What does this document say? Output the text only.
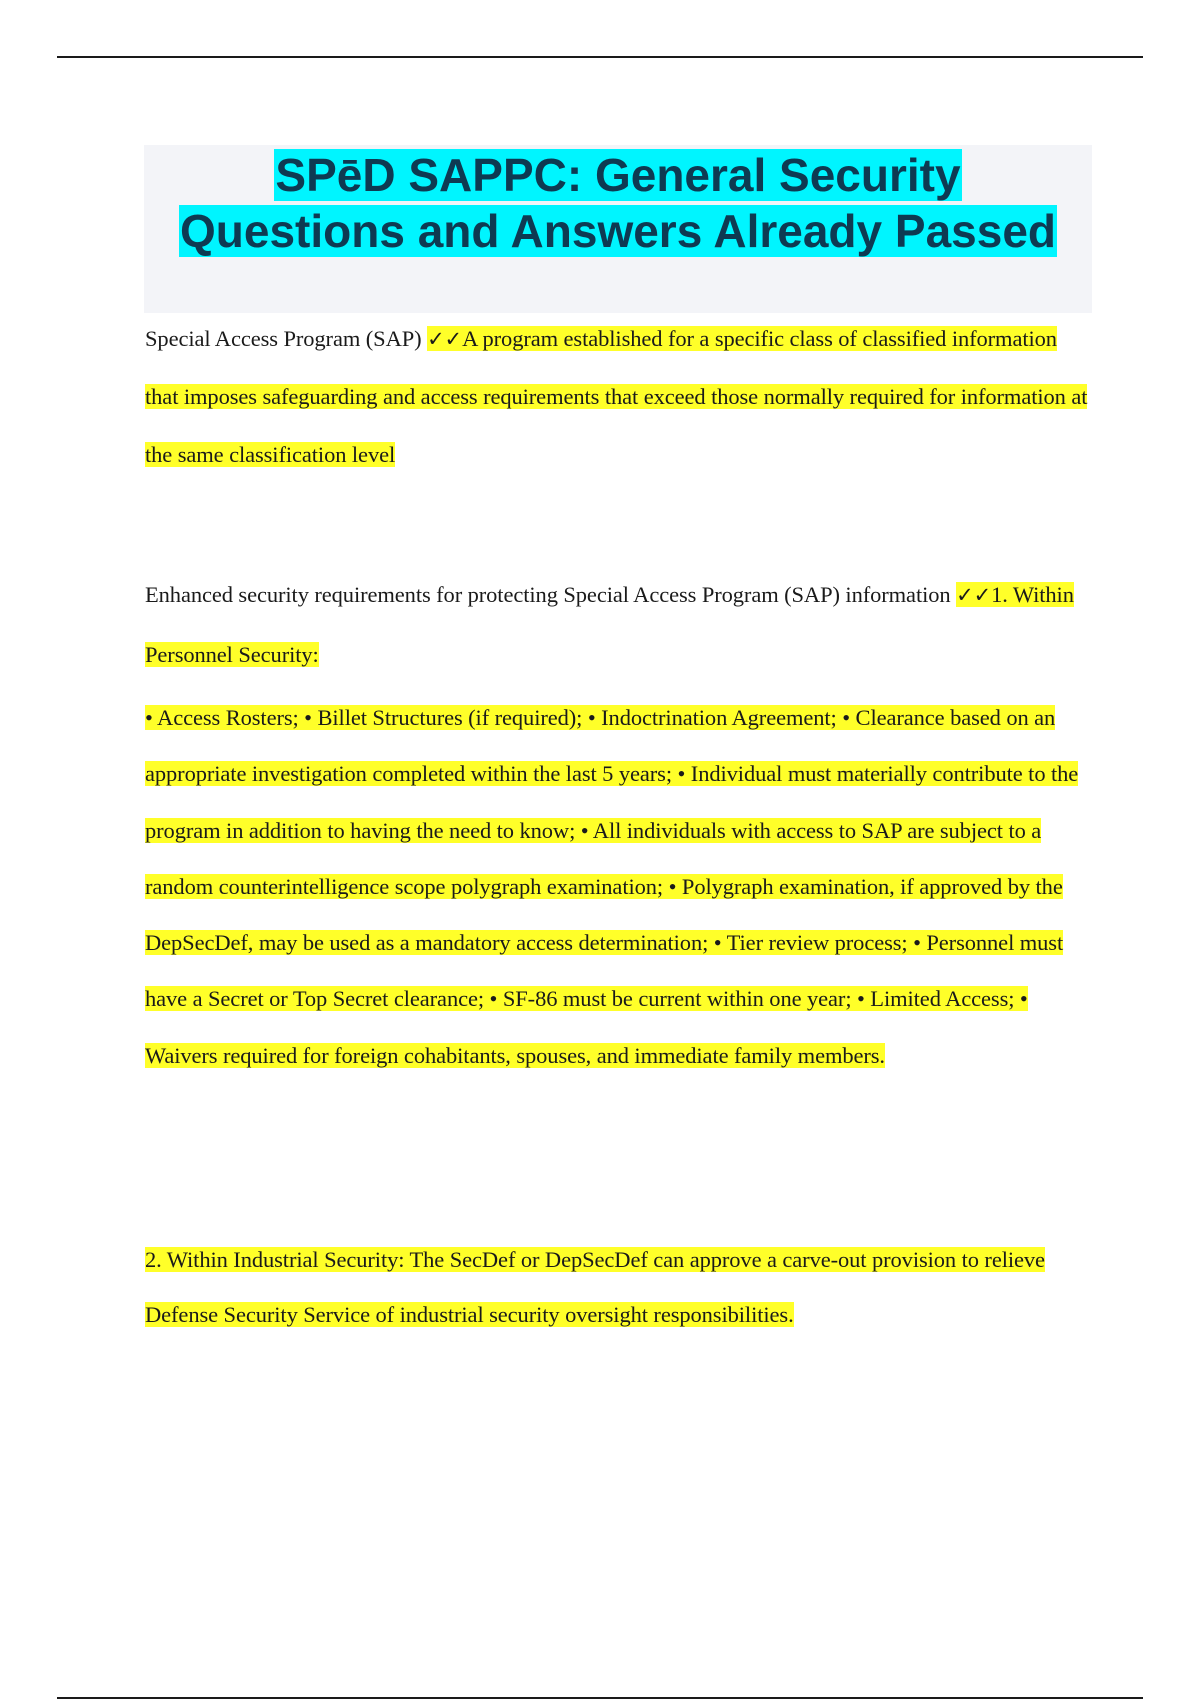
SPēD SAPPC: General Security
Questions and Answers Already Passed

Special Access Program (SAP) ✓✓A program established for a specific class of classified information that imposes safeguarding and access requirements that exceed those normally required for information at the same classification level

Enhanced security requirements for protecting Special Access Program (SAP) information ✓✓1. Within Personnel Security:

• Access Rosters; • Billet Structures (if required); • Indoctrination Agreement; • Clearance based on an appropriate investigation completed within the last 5 years; • Individual must materially contribute to the program in addition to having the need to know; • All individuals with access to SAP are subject to a random counterintelligence scope polygraph examination; • Polygraph examination, if approved by the DepSecDef, may be used as a mandatory access determination; • Tier review process; • Personnel must have a Secret or Top Secret clearance; • SF-86 must be current within one year; • Limited Access; • Waivers required for foreign cohabitants, spouses, and immediate family members.

2. Within Industrial Security: The SecDef or DepSecDef can approve a carve-out provision to relieve Defense Security Service of industrial security oversight responsibilities.
